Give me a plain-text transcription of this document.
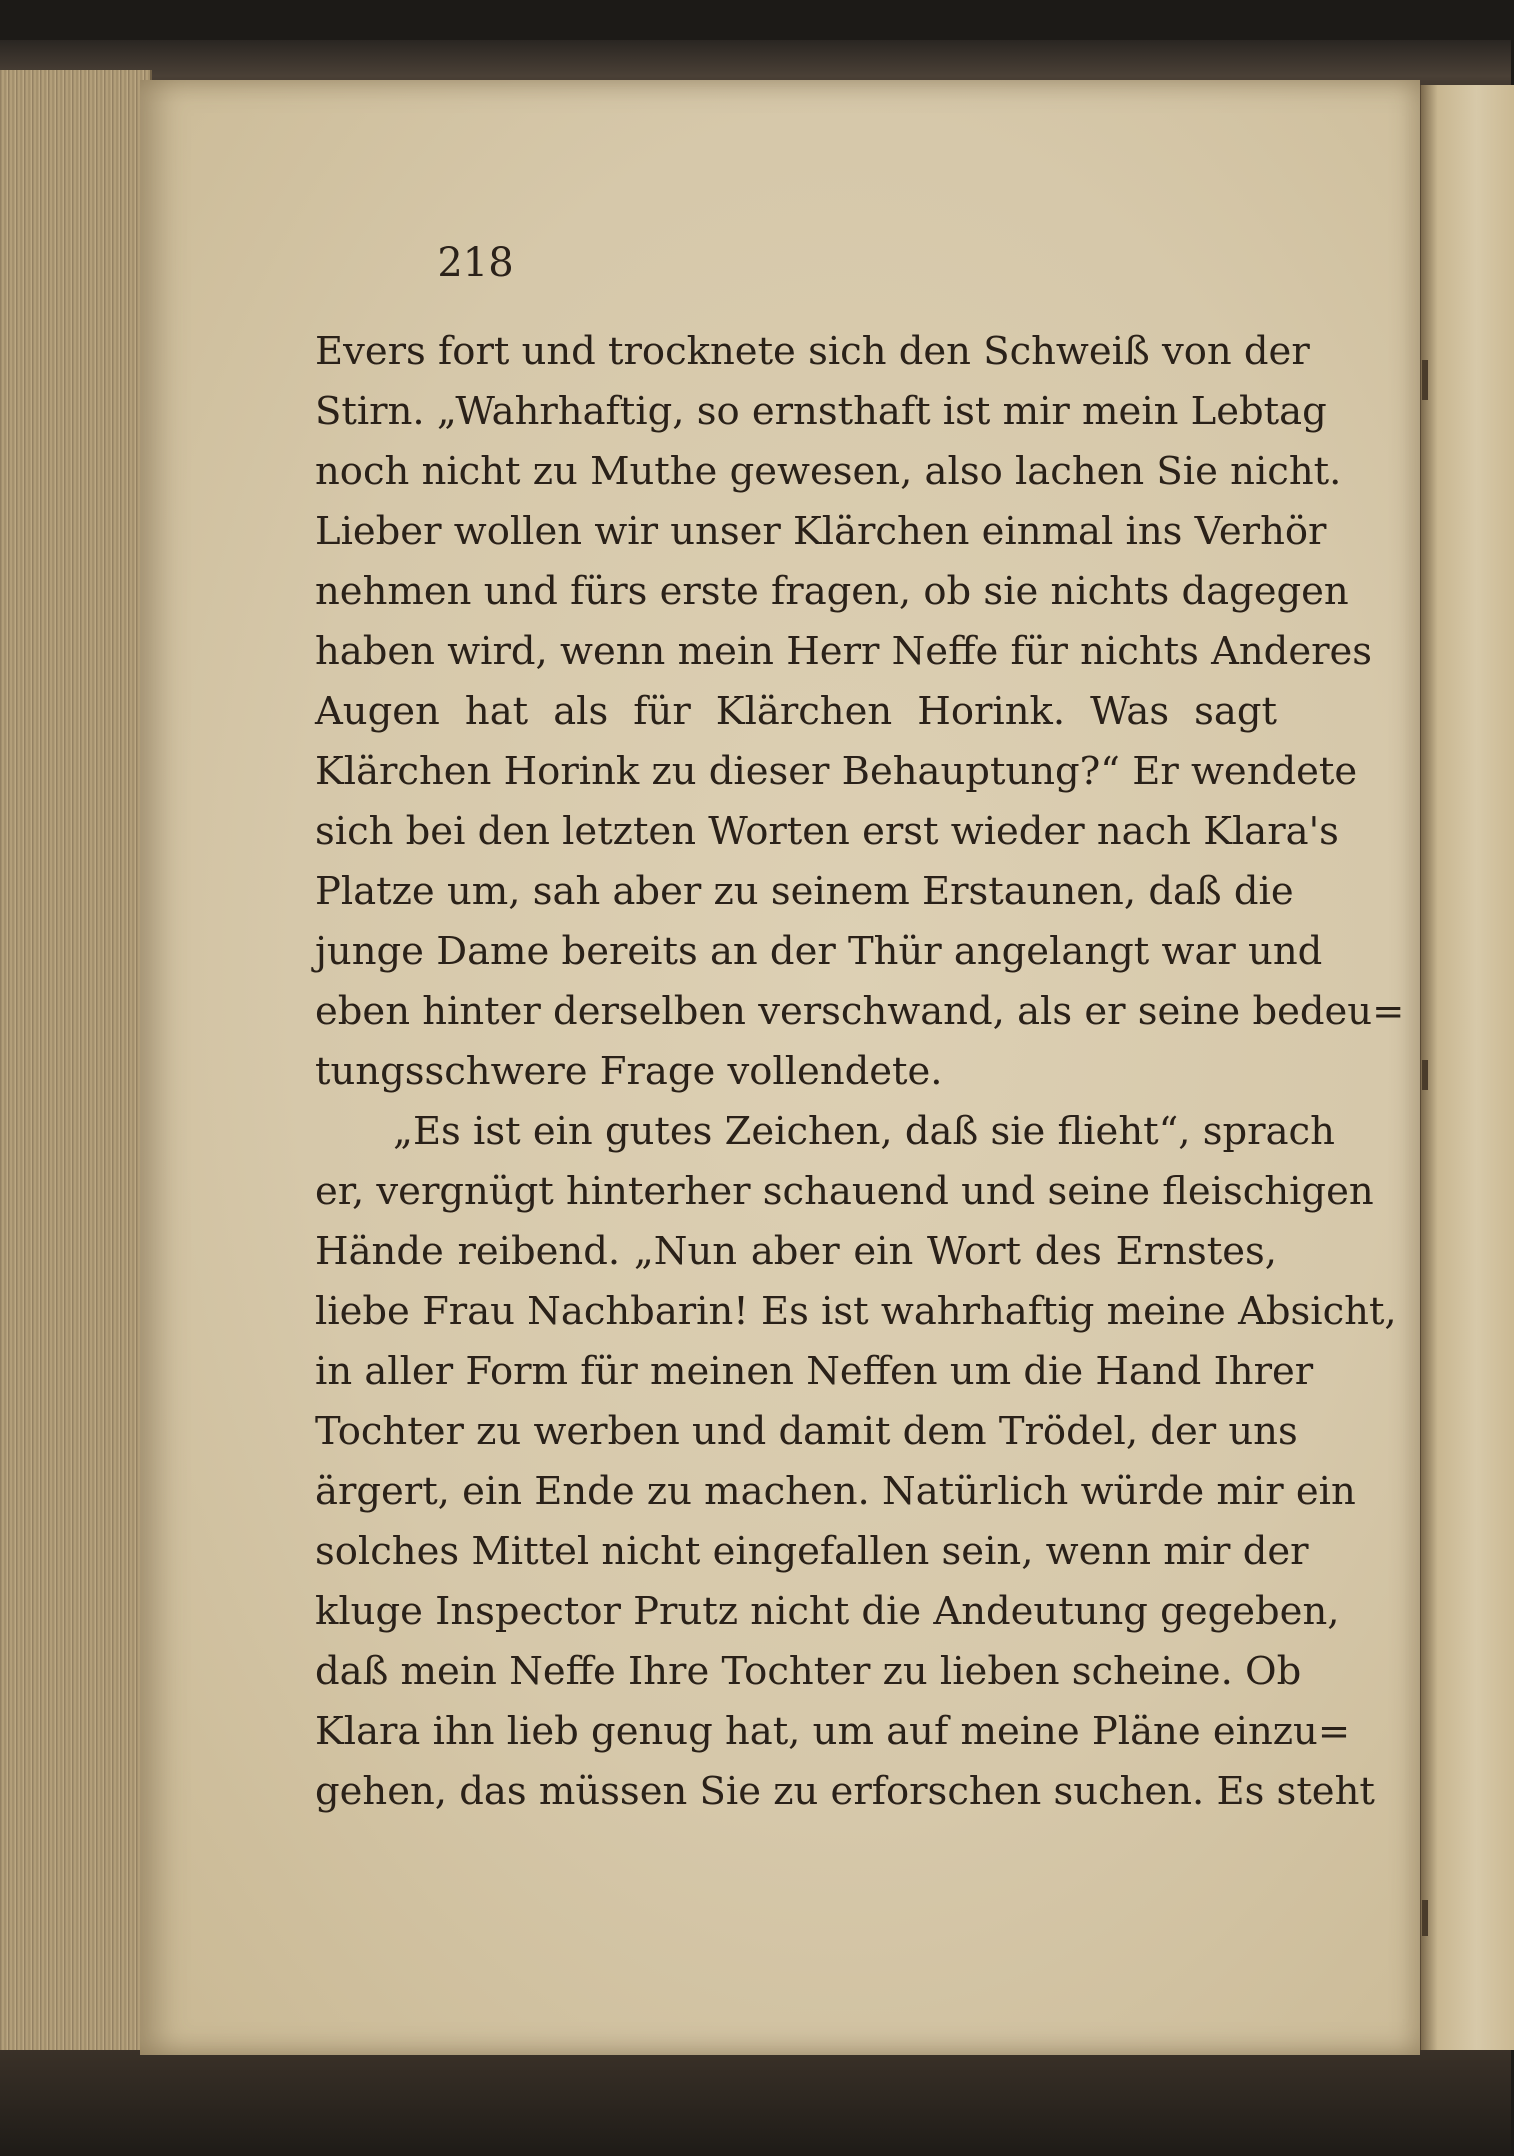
218
Evers fort und trocknete sich den Schweiß von der
Stirn. „Wahrhaftig, so ernsthaft ist mir mein Lebtag
noch nicht zu Muthe gewesen, also lachen Sie nicht.
Lieber wollen wir unser Klärchen einmal ins Verhör
nehmen und fürs erste fragen, ob sie nichts dagegen
haben wird, wenn mein Herr Neffe für nichts Anderes
Augen hat als für Klärchen Horink. Was sagt
Klärchen Horink zu dieser Behauptung?“ Er wendete
sich bei den letzten Worten erst wieder nach Klara's
Platze um, sah aber zu seinem Erstaunen, daß die
junge Dame bereits an der Thür angelangt war und
eben hinter derselben verschwand, als er seine bedeu=
tungsschwere Frage vollendete.
„Es ist ein gutes Zeichen, daß sie flieht“, sprach
er, vergnügt hinterher schauend und seine fleischigen
Hände reibend. „Nun aber ein Wort des Ernstes,
liebe Frau Nachbarin! Es ist wahrhaftig meine Absicht,
in aller Form für meinen Neffen um die Hand Ihrer
Tochter zu werben und damit dem Trödel, der uns
ärgert, ein Ende zu machen. Natürlich würde mir ein
solches Mittel nicht eingefallen sein, wenn mir der
kluge Inspector Prutz nicht die Andeutung gegeben,
daß mein Neffe Ihre Tochter zu lieben scheine. Ob
Klara ihn lieb genug hat, um auf meine Pläne einzu=
gehen, das müssen Sie zu erforschen suchen. Es steht
